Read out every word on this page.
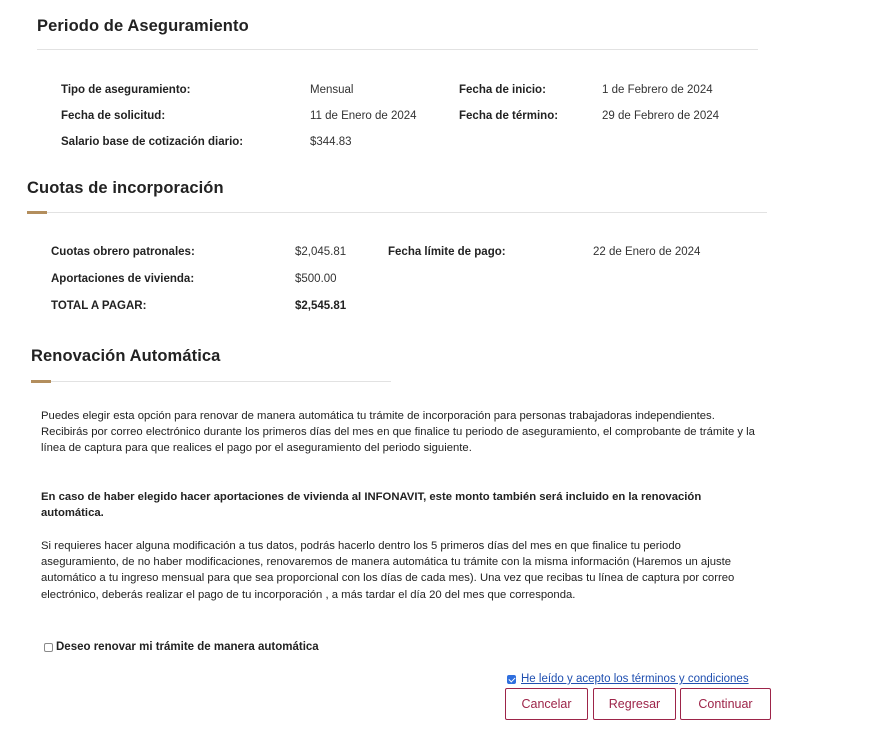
Periodo de Aseguramiento
Tipo de aseguramiento:	Mensual	Fecha de inicio:	1 de Febrero de 2024
Fecha de solicitud:	11 de Enero de 2024	Fecha de término:	29 de Febrero de 2024
Salario base de cotización diario:	$344.83
Cuotas de incorporación
Cuotas obrero patronales:	$2,045.81	Fecha límite de pago:	22 de Enero de 2024
Aportaciones de vivienda:	$500.00
TOTAL A PAGAR:	$2,545.81
Renovación Automática
Puedes elegir esta opción para renovar de manera automática tu trámite de incorporación para personas trabajadoras independientes. Recibirás por correo electrónico durante los primeros días del mes en que finalice tu periodo de aseguramiento, el comprobante de trámite y la línea de captura para que realices el pago por el aseguramiento del periodo siguiente.
En caso de haber elegido hacer aportaciones de vivienda al INFONAVIT, este monto también será incluido en la renovación automática.
Si requieres hacer alguna modificación a tus datos, podrás hacerlo dentro los 5 primeros días del mes en que finalice tu periodo aseguramiento, de no haber modificaciones, renovaremos de manera automática tu trámite con la misma información (Haremos un ajuste automático a tu ingreso mensual para que sea proporcional con los días de cada mes). Una vez que recibas tu línea de captura por correo electrónico, deberás realizar el pago de tu incorporación , a más tardar el día 20 del mes que corresponda.
Deseo renovar mi trámite de manera automática
He leído y acepto los términos y condiciones
Cancelar	Regresar	Continuar
